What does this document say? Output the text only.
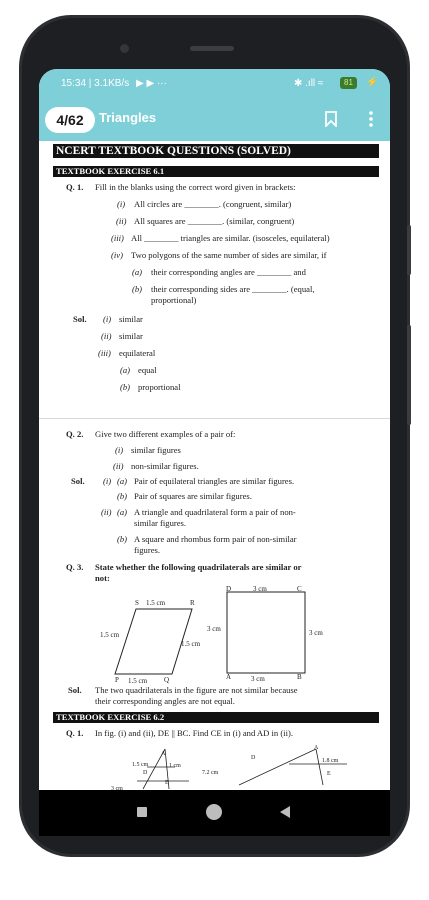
15:34 | 3.1KB/s ▶ ▶ ···	✱ .ıll ≈	81	⚡
4/62	Triangles
NCERT TEXTBOOK QUESTIONS (SOLVED)
TEXTBOOK EXERCISE 6.1
Q. 1. Fill in the blanks using the correct word given in brackets:
(i) All circles are ________. (congruent, similar)
(ii) All squares are ________. (similar, congruent)
(iii) All ________ triangles are similar. (isosceles, equilateral)
(iv) Two polygons of the same number of sides are similar, if
(a) their corresponding angles are ________ and
(b) their corresponding sides are ________. (equal,
proportional)
Sol. (i) similar
(ii) similar
(iii) equilateral
(a) equal
(b) proportional
Q. 2. Give two different examples of a pair of:
(i) similar figures
(ii) non-similar figures.
Sol. (i) (a) Pair of equilateral triangles are similar figures.
(b) Pair of squares are similar figures.
(ii) (a) A triangle and quadrilateral form a pair of non-
similar figures.
(b) A square and rhombus form pair of non-similar
figures.
Q. 3. State whether the following quadrilaterals are similar or
not:
S 1.5 cm	R
1.5 cm
1.5 cm
P 1.5 cm Q
D	3 cm	C
3 cm	3 cm
A	3 cm	B
Sol. The two quadrilaterals in the figure are not similar because
their corresponding angles are not equal.
TEXTBOOK EXERCISE 6.2
Q. 1. In fig. (i) and (ii), DE || BC. Find CE in (i) and AD in (ii).
A
1.5 cm	1 cm
D
E
3 cm
A
D	1.8 cm
7.2 cm	E
